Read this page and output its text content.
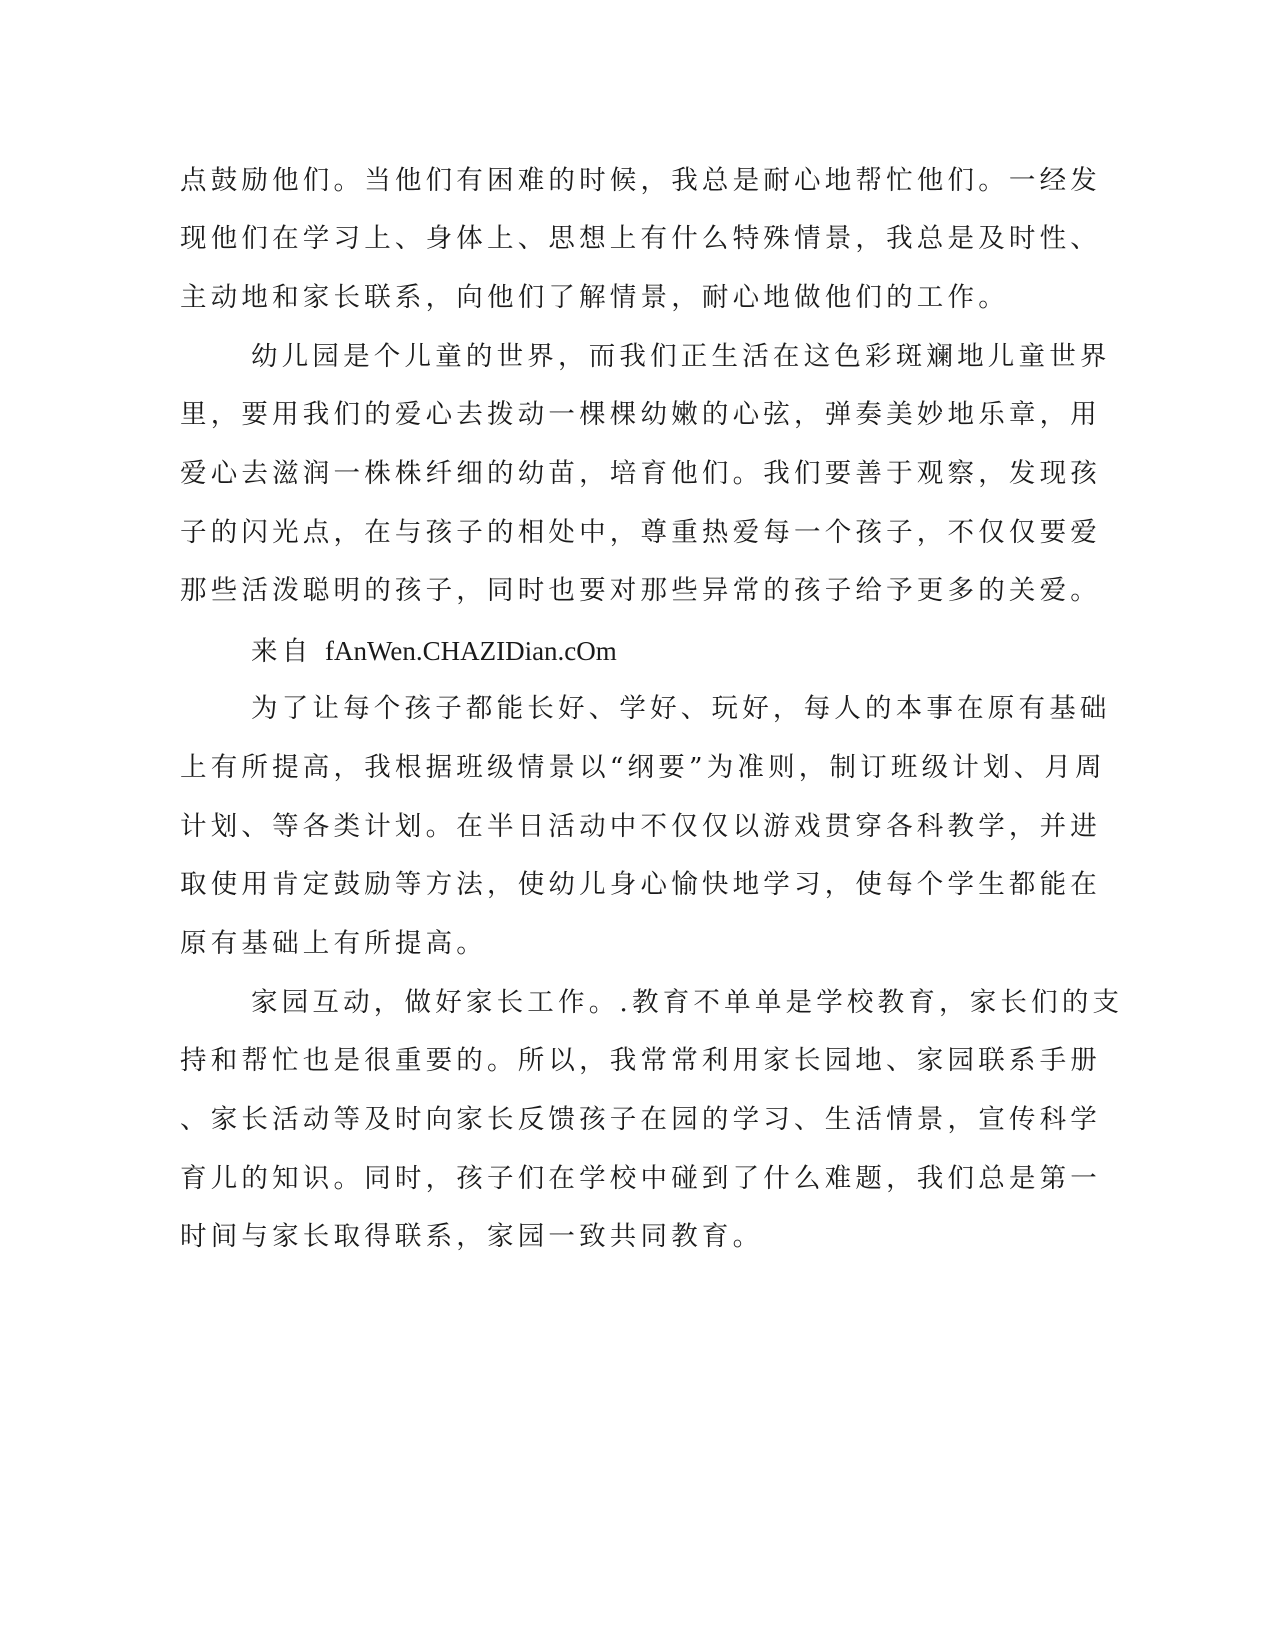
点鼓励他们。当他们有困难的时候，我总是耐心地帮忙他们。一经发
现他们在学习上、身体上、思想上有什么特殊情景，我总是及时性、
主动地和家长联系，向他们了解情景，耐心地做他们的工作。
幼儿园是个儿童的世界，而我们正生活在这色彩斑斓地儿童世界
里，要用我们的爱心去拨动一棵棵幼嫩的心弦，弹奏美妙地乐章，用
爱心去滋润一株株纤细的幼苗，培育他们。我们要善于观察，发现孩
子的闪光点，在与孩子的相处中，尊重热爱每一个孩子，不仅仅要爱
那些活泼聪明的孩子，同时也要对那些异常的孩子给予更多的关爱。
来自 fAnWen.CHAZIDian.cOm
为了让每个孩子都能长好、学好、玩好，每人的本事在原有基础
上有所提高，我根据班级情景以“纲要”为准则，制订班级计划、月周
计划、等各类计划。在半日活动中不仅仅以游戏贯穿各科教学，并进
取使用肯定鼓励等方法，使幼儿身心愉快地学习，使每个学生都能在
原有基础上有所提高。
家园互动，做好家长工作。.教育不单单是学校教育，家长们的支
持和帮忙也是很重要的。所以，我常常利用家长园地、家园联系手册
、家长活动等及时向家长反馈孩子在园的学习、生活情景，宣传科学
育儿的知识。同时，孩子们在学校中碰到了什么难题，我们总是第一
时间与家长取得联系，家园一致共同教育。
